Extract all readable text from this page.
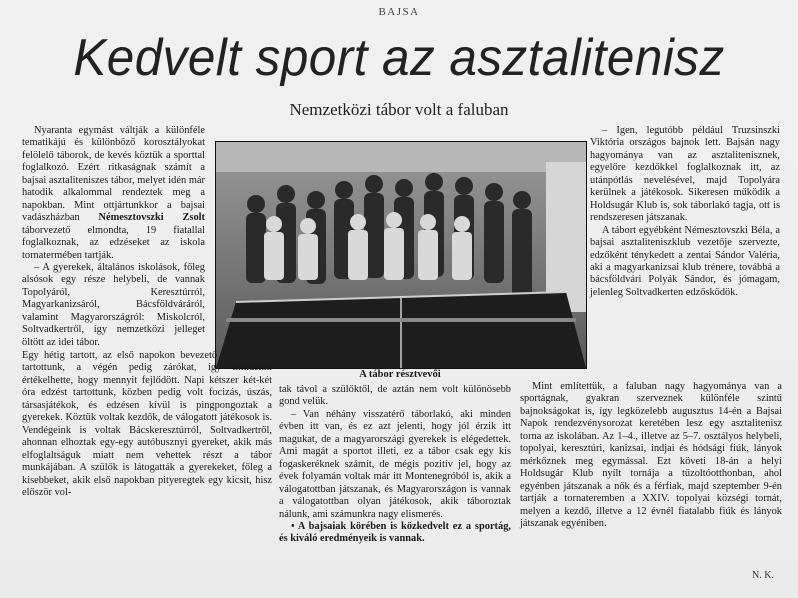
BAJSA
Kedvelt sport az asztalitenisz
Nemzetközi tábor volt a faluban

Nyaranta egymást váltják a különféle tematikájú és különböző korosztályokat felölelő táborok, de kevés köztük a sporttal foglalkozó. Ezért ritkaságnak számít a bajsai asztaliteniszes tábor, melyet idén már hatodik alkalommal rendeztek meg a napokban. Mint ottjártunkkor a bajsai vadászházban Némesztovszki Zsolt táborvezető elmondta, 19 fiatallal foglalkoznak, az edzéseket az iskola tornatermében tartják.

– A gyerekek, általános iskolások, főleg alsósok egy része helybeli, de vannak Topolyáról, Keresztúrról, Magyarkanizsáról, Bácsföldváráról, valamint Magyarországról: Miskolcról, Soltvadkertről, így nemzetközi jelleget öltött az idei tábor.

A tábor résztvevői

Egy hétig tartott, az első napokon bevezető versenyeket tartottunk, a végén pedig zárókat, így mindenki értékelhette, hogy mennyit fejlődött. Napi kétszer két-két óra edzést tartottunk, közben pedig volt focizás, úszás, társasjátékok, és edzésen kívül is pingpongoztak a gyerekek. Köztük voltak kezdők, de válogatott játékosok is. Vendégeink is voltak Bácskeresztúrról, Soltvadkertről, ahonnan elhoztak egy-egy autóbusznyi gyereket, akik más elfoglaltságuk miatt nem vehettek részt a tábor munkájában. A szülők is látogatták a gyerekeket, főleg a kisebbeket, akik első napokban pityeregtek egy kicsit, hisz először vol-

tak távol a szülőktől, de aztán nem volt különösebb gond velük.

– Van néhány visszatérő táborlakó, aki minden évben itt van, és ez azt jelenti, hogy jól érzik itt magukat, de a magyarországi gyerekek is elégedettek. Ami magát a sportot illeti, ez a tábor csak egy kis fogaskeréknek számít, de mégis pozitív jel, hogy az évek folyamán voltak már itt Montenegróból is, akik a válogatottban játszanak, és Magyarországon is vannak a válogatottban olyan játékosok, akik táboroztak nálunk, ami számunkra nagy elismerés.

• A bajsaiak körében is közkedvelt ez a sportág, és kiváló eredményeik is vannak.

– Igen, legutóbb például Truzsinszki Viktória országos bajnok lett. Bajsán nagy hagyománya van az asztalitenisznek, egyelőre kezdőkkel foglalkoznak itt, az utánpótlás nevelésével, majd Topolyára kerülnek a játékosok. Sikeresen működik a Holdsugár Klub is, sok táborlakó tagja, ott is rendszeresen játszanak.

A tábort egyébként Némesztovszki Béla, a bajsai asztaliteniszklub vezetője szervezte, edzőként ténykedett a zentai Sándor Valéria, aki a magyarkanizsai klub trénere, továbbá a bácsföldvári Polyák Sándor, és jómagam, jelenleg Soltvadkerten edzősködök.

Mint említettük, a faluban nagy hagyománya van a sportágnak, gyakran szerveznek különféle szintű bajnokságokat is, így legközelebb augusztus 14-én a Bajsai Napok rendezvénysorozat keretében lesz egy asztalitenisz torna az iskolában. Az 1–4., illetve az 5–7. osztályos helybeli, topolyai, keresztúri, kanizsai, indjai és hódsági fiúk, lányok mérkőznek meg egymással. Ezt követi 18-án a helyi Holdsugár Klub nyílt tornája a tűzoltóotthonban, ahol egyénben játszanak a nők és a férfiak, majd szeptember 9-én tartják a tornateremben a XXIV. topolyai községi tornát, melyen a kezdő, illetve a 12 évnél fiatalabb fiúk és lányok játszanak egyéniben.

N. K.
